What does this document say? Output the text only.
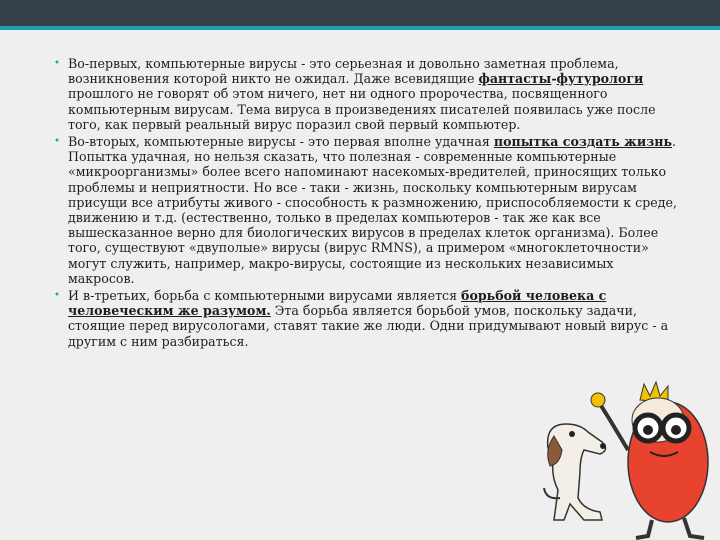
• Во-первых, компьютерные вирусы - это серьезная и довольно заметная проблема, возникновения которой никто не ожидал. Даже всевидящие фантасты-футурологи прошлого не говорят об этом ничего, нет ни одного пророчества, посвященного компьютерным вирусам. Тема вируса в произведениях писателей появилась уже после того, как первый реальный вирус поразил свой первый компьютер.
• Во-вторых, компьютерные вирусы - это первая вполне удачная попытка создать жизнь. Попытка удачная, но нельзя сказать, что полезная - современные компьютерные «микроорганизмы» более всего напоминают насекомых-вредителей, приносящих только проблемы и неприятности. Но все - таки - жизнь, поскольку компьютерным вирусам присущи все атрибуты живого - способность к размножению, приспособляемости к среде, движению и т.д. (естественно, только в пределах компьютеров - так же как все вышесказанное верно для биологических вирусов в пределах клеток организма). Более того, существуют «двуполые» вирусы (вирус RMNS), а примером «многоклеточности» могут служить, например, макро-вирусы, состоящие из нескольких независимых макросов.
• И в-третьих, борьба с компьютерными вирусами является борьбой человека с человеческим же разумом. Эта борьба является борьбой умов, поскольку задачи, стоящие перед вирусологами, ставят такие же люди. Одни придумывают новый вирус - а другим с ним разбираться.
